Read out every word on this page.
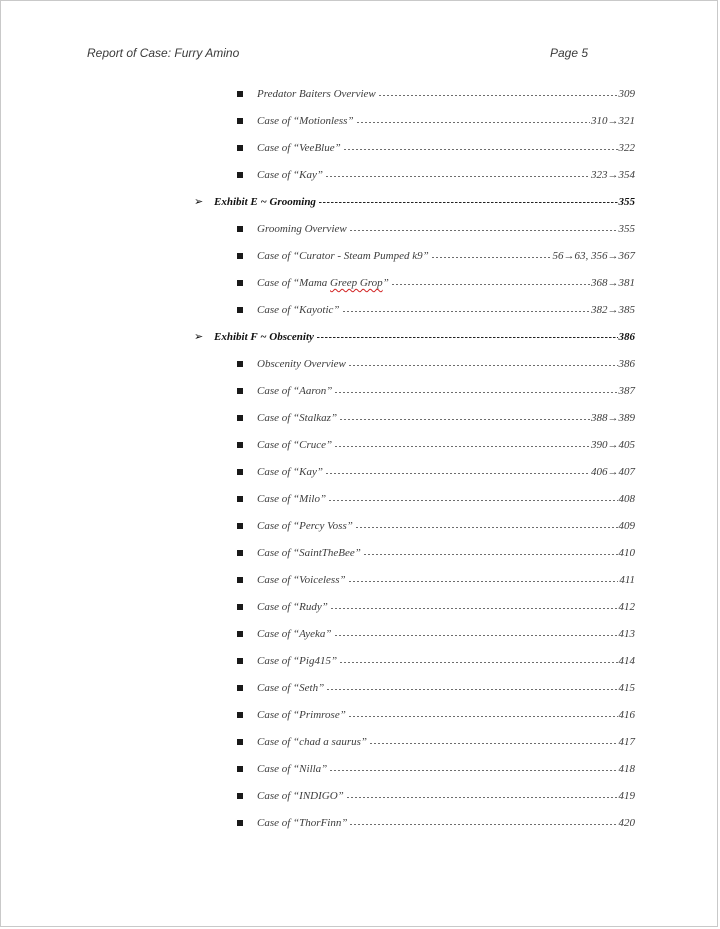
Report of Case: Furry Amino	Page 5
Predator Baiters Overview	309
Case of “Motionless”	310→321
Case of “VeeBlue”	322
Case of “Kay”	323→354
➢ Exhibit E ~ Grooming	355
Grooming Overview	355
Case of “Curator - Steam Pumped k9”	56→63, 356→367
Case of “Mama Greep Grop”	368→381
Case of “Kayotic”	382→385
➢ Exhibit F ~ Obscenity	386
Obscenity Overview	386
Case of “Aaron”	387
Case of “Stalkaz”	388→389
Case of “Cruce”	390→405
Case of “Kay”	406→407
Case of “Milo”	408
Case of “Percy Voss”	409
Case of “SaintTheBee”	410
Case of “Voiceless”	411
Case of “Rudy”	412
Case of “Ayeka”	413
Case of “Pig415”	414
Case of “Seth”	415
Case of “Primrose”	416
Case of “chad a saurus”	417
Case of “Nilla”	418
Case of “INDIGO”	419
Case of “ThorFinn”	420
